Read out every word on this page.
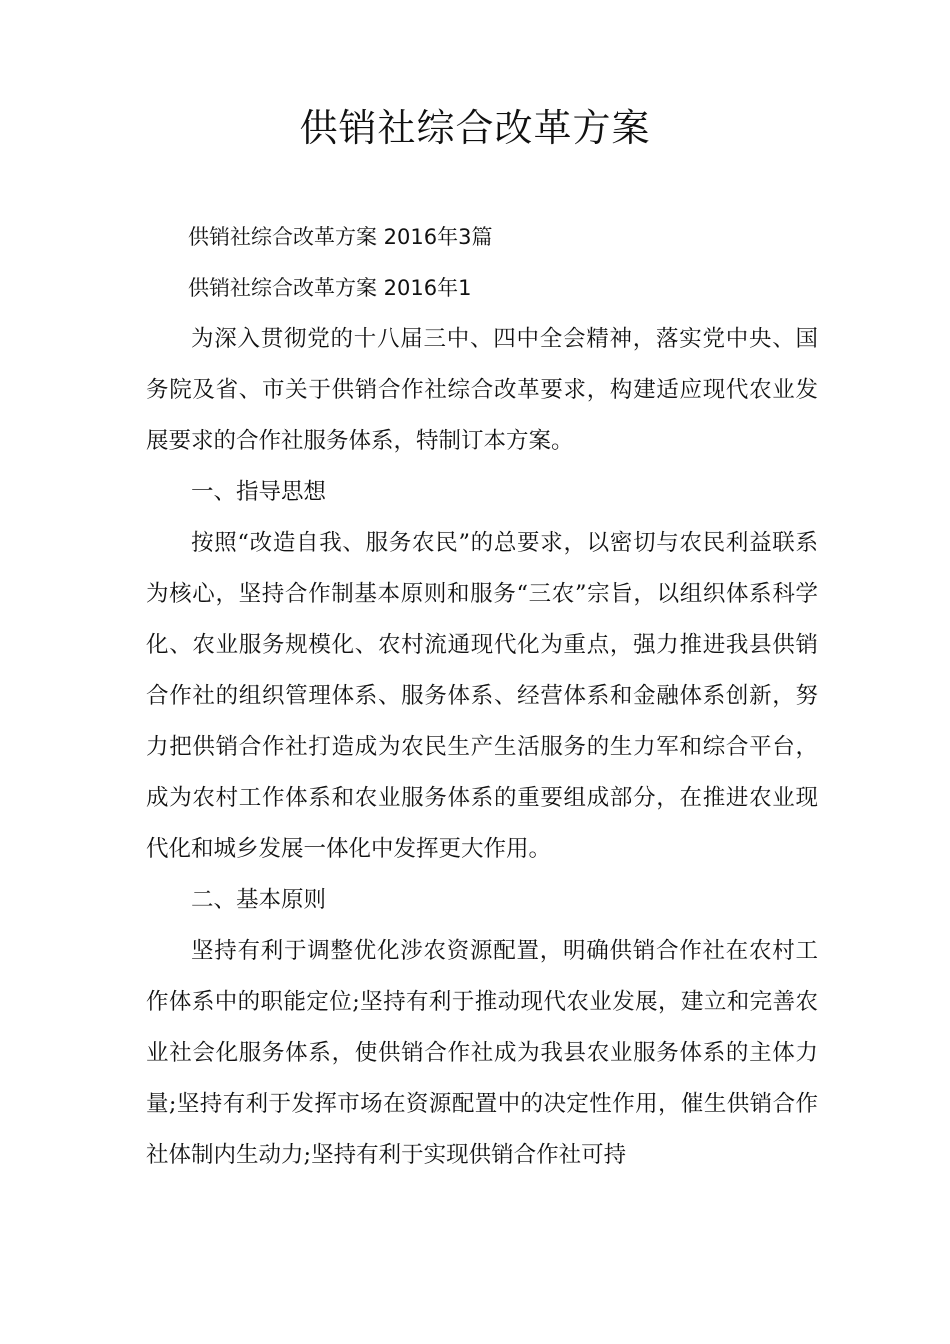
供销社综合改革方案

供销社综合改革方案 2016年3篇

供销社综合改革方案 2016年1

为深入贯彻党的十八届三中、四中全会精神，落实党中央、国务院及省、市关于供销合作社综合改革要求，构建适应现代农业发展要求的合作社服务体系，特制订本方案。

一、指导思想

按照“改造自我、服务农民”的总要求，以密切与农民利益联系为核心，坚持合作制基本原则和服务“三农”宗旨，以组织体系科学化、农业服务规模化、农村流通现代化为重点，强力推进我县供销合作社的组织管理体系、服务体系、经营体系和金融体系创新，努力把供销合作社打造成为农民生产生活服务的生力军和综合平台，成为农村工作体系和农业服务体系的重要组成部分，在推进农业现代化和城乡发展一体化中发挥更大作用。

二、基本原则

坚持有利于调整优化涉农资源配置，明确供销合作社在农村工作体系中的职能定位;坚持有利于推动现代农业发展，建立和完善农业社会化服务体系，使供销合作社成为我县农业服务体系的主体力量;坚持有利于发挥市场在资源配置中的决定性作用，催生供销合作社体制内生动力;坚持有利于实现供销合作社可持
